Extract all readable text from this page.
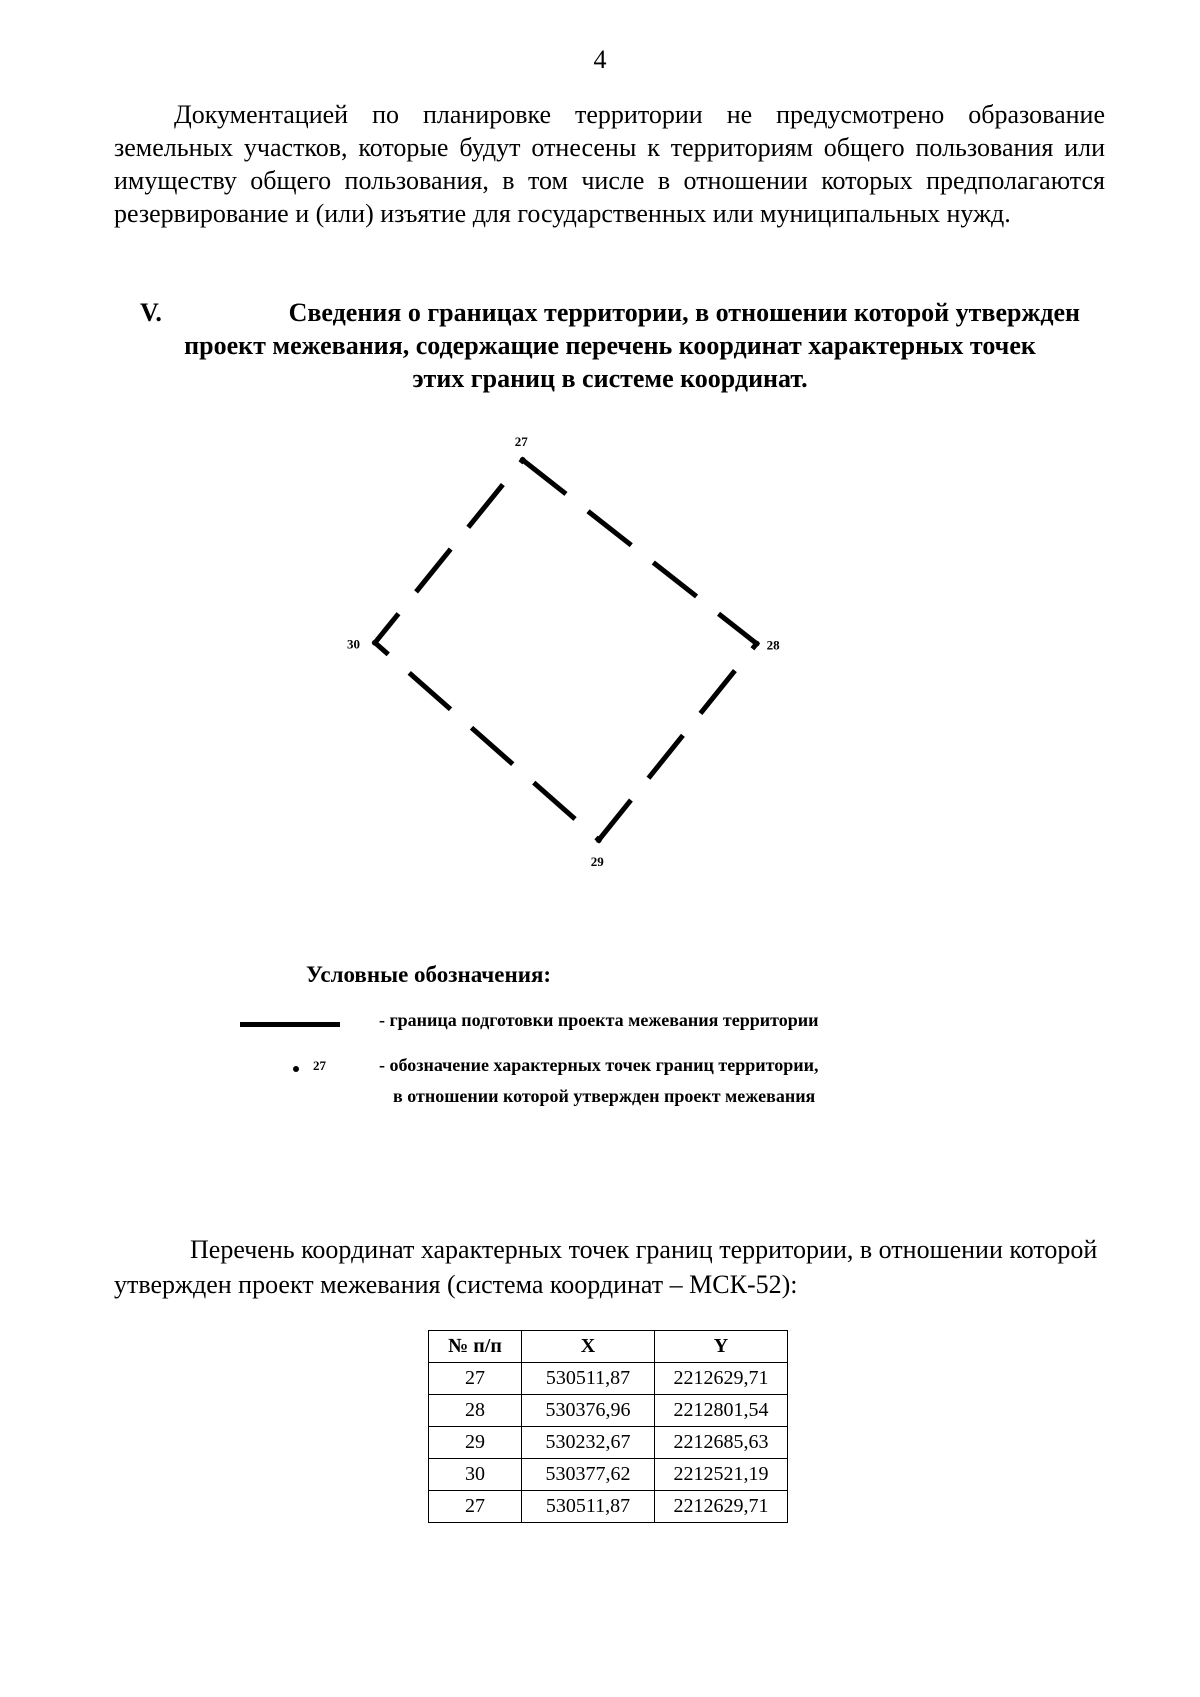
4

Документацией по планировке территории не предусмотрено образование земельных участков, которые будут отнесены к территориям общего пользования или имуществу общего пользования, в том числе в отношении которых предполагаются резервирование и (или) изъятие для государственных или муниципальных нужд.

V.	Сведения о границах территории, в отношении которой утвержден
проект межевания, содержащие перечень координат характерных точек
этих границ в системе координат.
27
28
29
30
Условные обозначения:
- граница подготовки проекта межевания территории
27	- обозначение характерных точек границ территории,
в отношении которой утвержден проект межевания

Перечень координат характерных точек границ территории, в отношении которой утвержден проект межевания (система координат – МСК-52):

№ п/п	X	Y
27	530511,87	2212629,71
28	530376,96	2212801,54
29	530232,67	2212685,63
30	530377,62	2212521,19
27	530511,87	2212629,71
